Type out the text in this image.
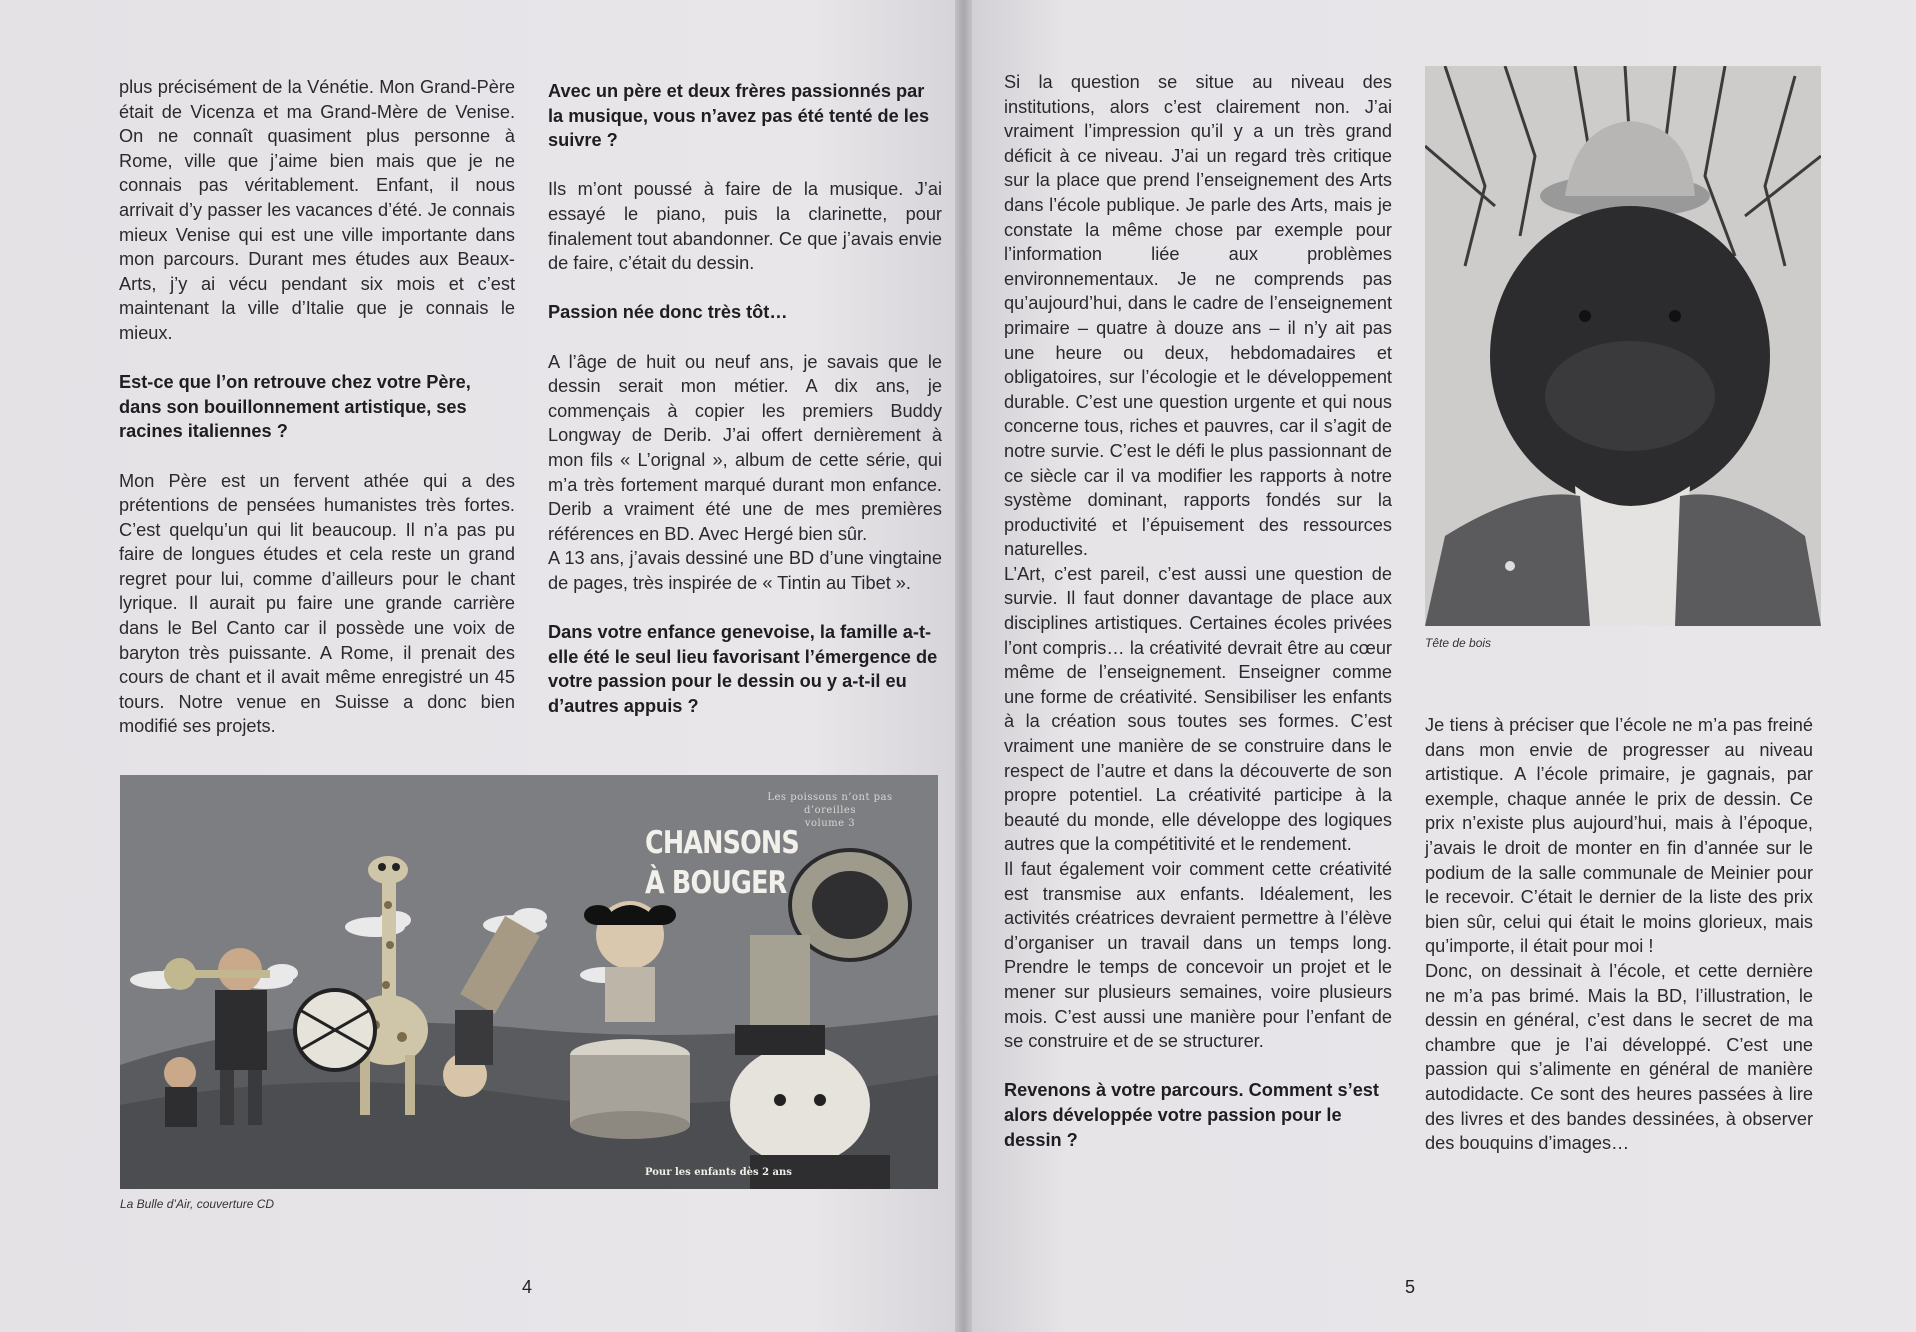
plus précisément de la Vénétie. Mon Grand-Père était de Vicenza et ma Grand-Mère de Venise. On ne connaît quasiment plus personne à Rome, ville que j’aime bien mais que je ne connais pas véritablement. Enfant, il nous arrivait d’y passer les vacances d’été. Je connais mieux Venise qui est une ville importante dans mon parcours. Durant mes études aux Beaux-Arts, j’y ai vécu pendant six mois et c’est maintenant la ville d’Italie que je connais le mieux.

Est-ce que l’on retrouve chez votre Père, dans son bouillonnement artistique, ses racines italiennes ?

Mon Père est un fervent athée qui a des prétentions de pensées humanistes très fortes. C’est quelqu’un qui lit beaucoup. Il n’a pas pu faire de longues études et cela reste un grand regret pour lui, comme d’ailleurs pour le chant lyrique. Il aurait pu faire une grande carrière dans le Bel Canto car il possède une voix de baryton très puissante. A Rome, il prenait des cours de chant et il avait même enregistré un 45 tours. Notre venue en Suisse a donc bien modifié ses projets.

Avec un père et deux frères passionnés par la musique, vous n’avez pas été tenté de les suivre ?

Ils m’ont poussé à faire de la musique. J’ai essayé le piano, puis la clarinette, pour finalement tout abandonner. Ce que j’avais envie de faire, c’était du dessin.

Passion née donc très tôt…

A l’âge de huit ou neuf ans, je savais que le dessin serait mon métier. A dix ans, je commençais à copier les premiers Buddy Longway de Derib. J’ai offert dernièrement à mon fils « L’orignal », album de cette série, qui m’a très fortement marqué durant mon enfance. Derib a vraiment été une de mes premières références en BD. Avec Hergé bien sûr.

A 13 ans, j’avais dessiné une BD d’une vingtaine de pages, très inspirée de « Tintin au Tibet ».

Dans votre enfance genevoise, la famille a-t-elle été le seul lieu favorisant l’émergence de votre passion pour le dessin ou y a-t-il eu d’autres appuis ?

Les poissons n’ont pas d’oreilles
volume 3
CHANSONS
À BOUGER
Pour les enfants dès 2 ans
La Bulle d’Air, couverture CD
4

Si la question se situe au niveau des institutions, alors c’est clairement non. J’ai vraiment l’impression qu’il y a un très grand déficit à ce niveau. J’ai un regard très critique sur la place que prend l’enseignement des Arts dans l’école publique. Je parle des Arts, mais je constate la même chose par exemple pour l’information liée aux problèmes environnementaux. Je ne comprends pas qu’aujourd’hui, dans le cadre de l’enseignement primaire – quatre à douze ans – il n’y ait pas une heure ou deux, hebdomadaires et obligatoires, sur l’écologie et le développement durable. C’est une question urgente et qui nous concerne tous, riches et pauvres, car il s’agit de notre survie. C’est le défi le plus passionnant de ce siècle car il va modifier les rapports à notre système dominant, rapports fondés sur la productivité et l’épuisement des ressources naturelles.

L’Art, c’est pareil, c’est aussi une question de survie. Il faut donner davantage de place aux disciplines artistiques. Certaines écoles privées l’ont compris… la créativité devrait être au cœur même de l’enseignement. Enseigner comme une forme de créativité. Sensibiliser les enfants à la création sous toutes ses formes. C’est vraiment une manière de se construire dans le respect de l’autre et dans la découverte de son propre potentiel. La créativité participe à la beauté du monde, elle développe des logiques autres que la compétitivité et le rendement.

Il faut également voir comment cette créativité est transmise aux enfants. Idéalement, les activités créatrices devraient permettre à l’élève d’organiser un travail dans un temps long. Prendre le temps de concevoir un projet et le mener sur plusieurs semaines, voire plusieurs mois. C’est aussi une manière pour l’enfant de se construire et de se structurer.

Revenons à votre parcours. Comment s’est alors développée votre passion pour le dessin ?

Tête de bois

Je tiens à préciser que l’école ne m’a pas freiné dans mon envie de progresser au niveau artistique. A l’école primaire, je gagnais, par exemple, chaque année le prix de dessin. Ce prix n’existe plus aujourd’hui, mais à l’époque, j’avais le droit de monter en fin d’année sur le podium de la salle communale de Meinier pour le recevoir. C’était le dernier de la liste des prix bien sûr, celui qui était le moins glorieux, mais qu’importe, il était pour moi !

Donc, on dessinait à l’école, et cette dernière ne m’a pas brimé. Mais la BD, l’illustration, le dessin en général, c’est dans le secret de ma chambre que je l’ai développé. C’est une passion qui s’alimente en général de manière autodidacte. Ce sont des heures passées à lire des livres et des bandes dessinées, à observer des bouquins d’images…

5
